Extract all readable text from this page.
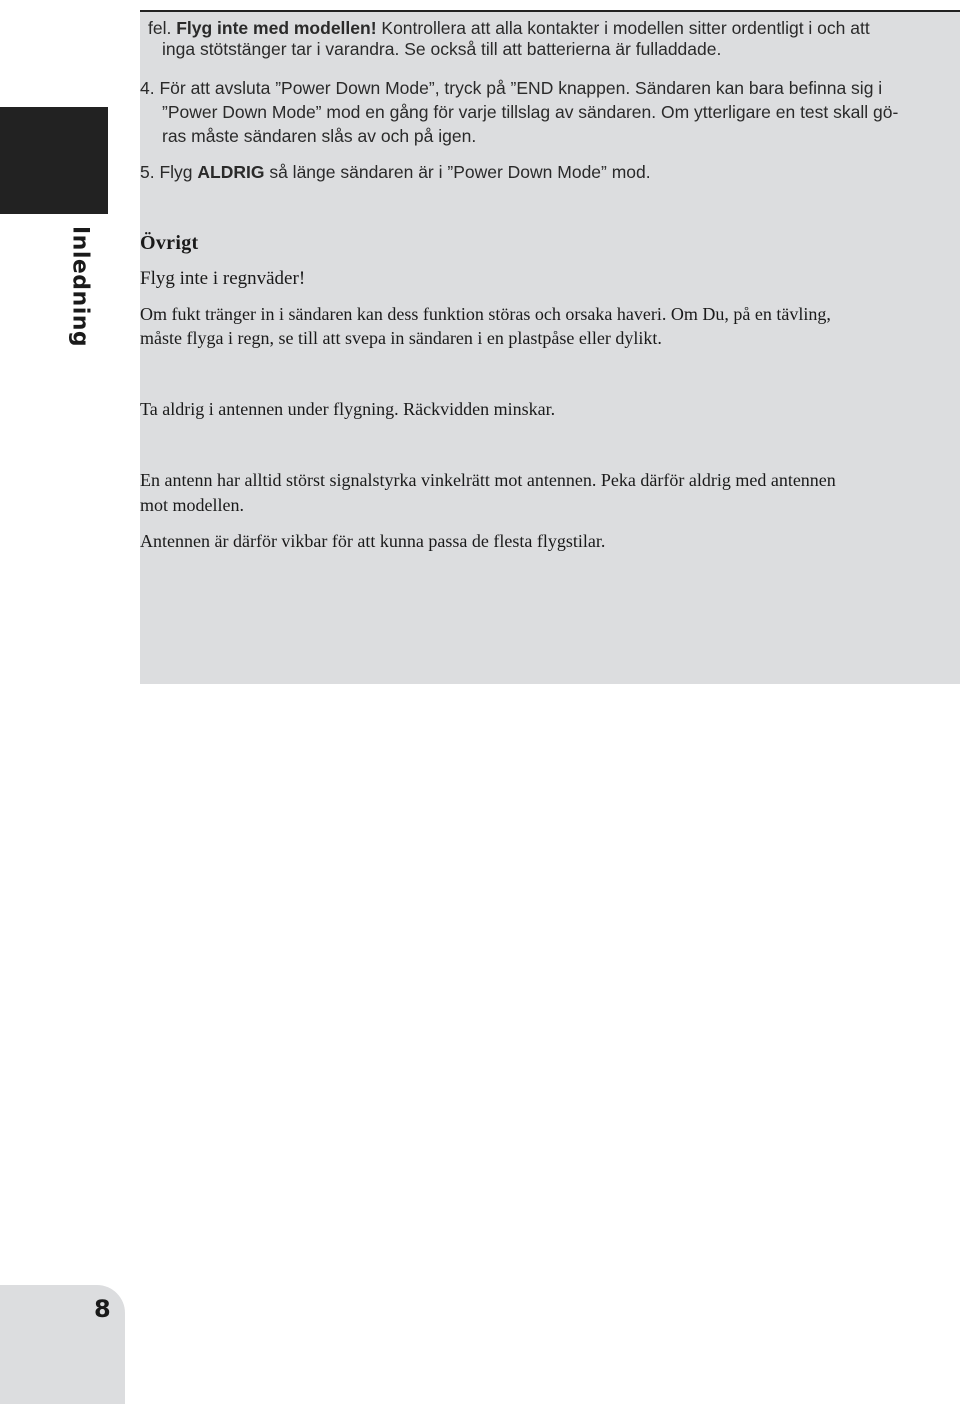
Inledning
fel. Flyg inte med modellen! Kontrollera att alla kontakter i modellen sitter ordentligt i och att
inga stötstänger tar i varandra. Se också till att batterierna är fulladdade.
4. För att avsluta ”Power Down Mode”, tryck på ”END knappen. Sändaren kan bara befinna sig i
”Power Down Mode” mod en gång för varje tillslag av sändaren. Om ytterligare en test skall gö-
ras måste sändaren slås av och på igen.
5. Flyg ALDRIG så länge sändaren är i ”Power Down Mode” mod.
Övrigt
Flyg inte i regnväder!
Om fukt tränger in i sändaren kan dess funktion störas och orsaka haveri. Om Du, på en tävling,
måste flyga i regn, se till att svepa in sändaren i en plastpåse eller dylikt.
Ta aldrig i antennen under flygning. Räckvidden minskar.
En antenn har alltid störst signalstyrka vinkelrätt mot antennen. Peka därför aldrig med antennen
mot modellen.
Antennen är därför vikbar för att kunna passa de flesta flygstilar.
8
